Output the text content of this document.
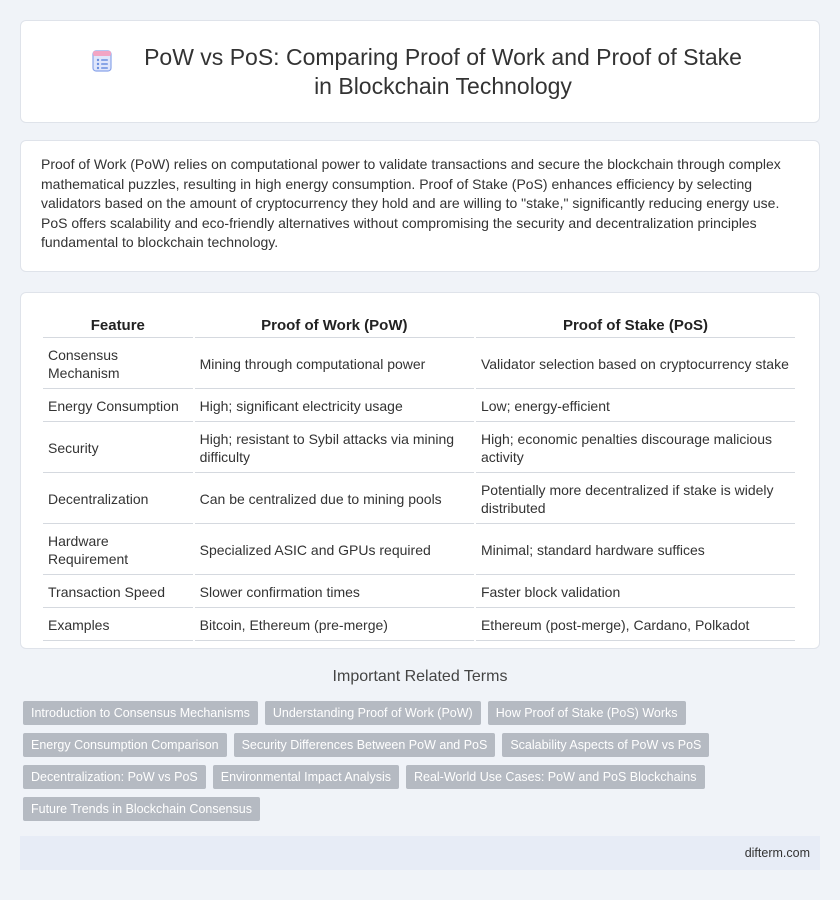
PoW vs PoS: Comparing Proof of Work and Proof of Stake in Blockchain Technology

Proof of Work (PoW) relies on computational power to validate transactions and secure the blockchain through complex mathematical puzzles, resulting in high energy consumption. Proof of Stake (PoS) enhances efficiency by selecting validators based on the amount of cryptocurrency they hold and are willing to "stake," significantly reducing energy use. PoS offers scalability and eco-friendly alternatives without compromising the security and decentralization principles fundamental to blockchain technology.

Feature	Proof of Work (PoW)	Proof of Stake (PoS)
Consensus Mechanism	Mining through computational power	Validator selection based on cryptocurrency stake
Energy Consumption	High; significant electricity usage	Low; energy-efficient
Security	High; resistant to Sybil attacks via mining difficulty	High; economic penalties discourage malicious activity
Decentralization	Can be centralized due to mining pools	Potentially more decentralized if stake is widely distributed
Hardware Requirement	Specialized ASIC and GPUs required	Minimal; standard hardware suffices
Transaction Speed	Slower confirmation times	Faster block validation
Examples	Bitcoin, Ethereum (pre-merge)	Ethereum (post-merge), Cardano, Polkadot
Important Related Terms
Introduction to Consensus Mechanisms	Understanding Proof of Work (PoW)	How Proof of Stake (PoS) Works
Energy Consumption Comparison	Security Differences Between PoW and PoS	Scalability Aspects of PoW vs PoS
Decentralization: PoW vs PoS	Environmental Impact Analysis	Real-World Use Cases: PoW and PoS Blockchains
Future Trends in Blockchain Consensus
difterm.com
